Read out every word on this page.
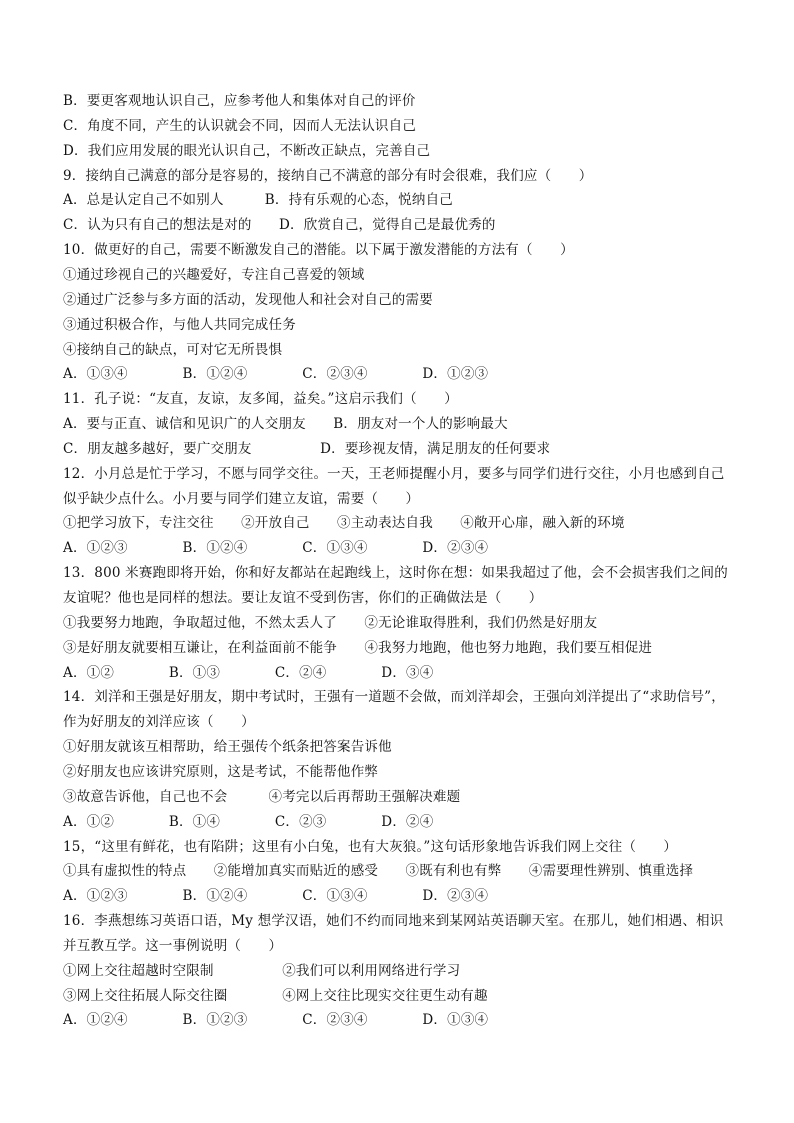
B．要更客观地认识自己，应参考他人和集体对自己的评价
C．角度不同，产生的认识就会不同，因而人无法认识自己
D．我们应用发展的眼光认识自己，不断改正缺点，完善自己
9．接纳自己满意的部分是容易的，接纳自己不满意的部分有时会很难，我们应（　　）
A．总是认定自己不如别人　　　B．持有乐观的心态，悦纳自己
C．认为只有自己的想法是对的　　D．欣赏自己，觉得自己是最优秀的
10．做更好的自己，需要不断激发自己的潜能。以下属于激发潜能的方法有（　　）
①通过珍视自己的兴趣爱好，专注自己喜爱的领域
②通过广泛参与多方面的活动，发现他人和社会对自己的需要
③通过积极合作，与他人共同完成任务
④接纳自己的缺点，可对它无所畏惧
A．①③④　　　　B．①②④　　　　C．②③④　　　　D．①②③
11．孔子说：“友直，友谅，友多闻，益矣。”这启示我们（　　）
A．要与正直、诚信和见识广的人交朋友　　B．朋友对一个人的影响最大
C．朋友越多越好，要广交朋友　　　　　D．要珍视友情，满足朋友的任何要求
12．小月总是忙于学习，不愿与同学交往。一天，王老师提醒小月，要多与同学们进行交往，小月也感到自己
似乎缺少点什么。小月要与同学们建立友谊，需要（　　）
①把学习放下，专注交往　　②开放自己　　③主动表达自我　　④敞开心扉，融入新的环境
A．①②③　　　　B．①②④　　　　C．①③④　　　　D．②③④
13．800 米赛跑即将开始，你和好友都站在起跑线上，这时你在想：如果我超过了他，会不会损害我们之间的
友谊呢？他也是同样的想法。要让友谊不受到伤害，你们的正确做法是（　　）
①我要努力地跑，争取超过他，不然太丢人了　　②无论谁取得胜利，我们仍然是好朋友
③是好朋友就要相互谦让，在利益面前不能争　　④我努力地跑，他也努力地跑，我们要互相促进
A．①②　　　　B．①③　　　　C．②④　　　　D．③④
14．刘洋和王强是好朋友，期中考试时，王强有一道题不会做，而刘洋却会，王强向刘洋提出了“求助信号”，
作为好朋友的刘洋应该（　　）
①好朋友就该互相帮助，给王强传个纸条把答案告诉他
②好朋友也应该讲究原则，这是考试，不能帮他作弊
③故意告诉他，自己也不会　　　④考完以后再帮助王强解决难题
A．①②　　　　B．①④　　　　C．②③　　　　D．②④
15，“这里有鲜花，也有陷阱；这里有小白兔，也有大灰狼。”这句话形象地告诉我们网上交往（　　）
①具有虚拟性的特点　　②能增加真实而贴近的感受　　③既有利也有弊　　④需要理性辨别、慎重选择
A．①②③　　　　B．①②④　　　　C．①③④　　　　D．②③④
16．李燕想练习英语口语，My 想学汉语，她们不约而同地来到某网站英语聊天室。在那儿，她们相遇、相识
并互教互学。这一事例说明（　　）
①网上交往超越时空限制　　　　　②我们可以利用网络进行学习
③网上交往拓展人际交往圈　　　　④网上交往比现实交往更生动有趣
A．①②④　　　　B．①②③　　　　C．②③④　　　　D．①③④
